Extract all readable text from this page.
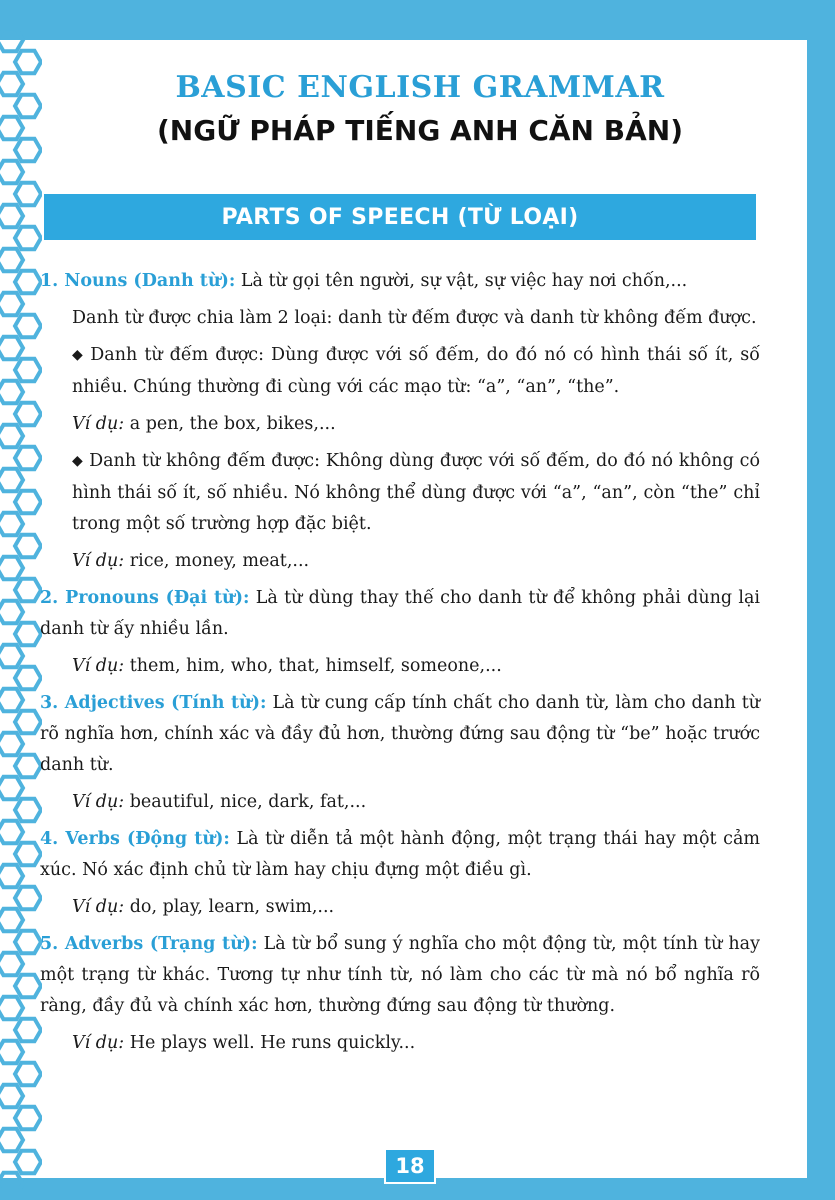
BASIC ENGLISH GRAMMAR
(NGỮ PHÁP TIẾNG ANH CĂN BẢN)
PARTS OF SPEECH (TỪ LOẠI)

1. Nouns (Danh từ): Là từ gọi tên người, sự vật, sự việc hay nơi chốn,...

Danh từ được chia làm 2 loại: danh từ đếm được và danh từ không đếm được.

◆ Danh từ đếm được: Dùng được với số đếm, do đó nó có hình thái số ít, số nhiều. Chúng thường đi cùng với các mạo từ: “a”, “an”, “the”.

Ví dụ: a pen, the box, bikes,...

◆ Danh từ không đếm được: Không dùng được với số đếm, do đó nó không có hình thái số ít, số nhiều. Nó không thể dùng được với “a”, “an”, còn “the” chỉ trong một số trường hợp đặc biệt.

Ví dụ: rice, money, meat,...

2. Pronouns (Đại từ): Là từ dùng thay thế cho danh từ để không phải dùng lại danh từ ấy nhiều lần.

Ví dụ: them, him, who, that, himself, someone,...

3. Adjectives (Tính từ): Là từ cung cấp tính chất cho danh từ, làm cho danh từ rõ nghĩa hơn, chính xác và đầy đủ hơn, thường đứng sau động từ “be” hoặc trước danh từ.

Ví dụ: beautiful, nice, dark, fat,...

4. Verbs (Động từ): Là từ diễn tả một hành động, một trạng thái hay một cảm xúc. Nó xác định chủ từ làm hay chịu đựng một điều gì.

Ví dụ: do, play, learn, swim,...

5. Adverbs (Trạng từ): Là từ bổ sung ý nghĩa cho một động từ, một tính từ hay một trạng từ khác. Tương tự như tính từ, nó làm cho các từ mà nó bổ nghĩa rõ ràng, đầy đủ và chính xác hơn, thường đứng sau động từ thường.

Ví dụ: He plays well. He runs quickly...

18
